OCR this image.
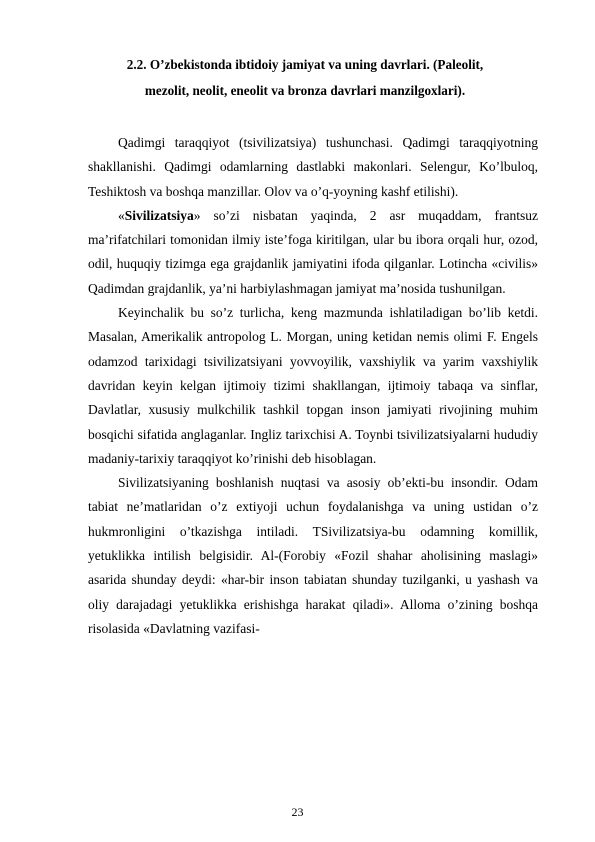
2.2. O’zbekistonda ibtidoiy jamiyat va uning davrlari. (Paleolit,
mezolit, neolit, eneolit va bronza davrlari manzilgoxlari).

Qadimgi taraqqiyot (tsivilizatsiya) tushunchasi. Qadimgi taraqqiyotning shakllanishi. Qadimgi odamlarning dastlabki makonlari. Selengur, Ko’lbuloq, Teshiktosh va boshqa manzillar. Olov va o’q-yoyning kashf etilishi).

«Sivilizatsiya» so’zi nisbatan yaqinda, 2 asr muqaddam, frantsuz ma’rifatchilari tomonidan ilmiy iste’foga kiritilgan, ular bu ibora orqali hur, ozod, odil, huquqiy tizimga ega grajdanlik jamiyatini ifoda qilganlar. Lotincha «civilis» Qadimdan grajdanlik, ya’ni harbiylashmagan jamiyat ma’nosida tushunilgan.

Keyinchalik bu so’z turlicha, keng mazmunda ishlatiladigan bo’lib ketdi. Masalan, Amerikalik antropolog L. Morgan, uning ketidan nemis olimi F. Engels odamzod tarixidagi tsivilizatsiyani yovvoyilik, vaxshiylik va yarim vaxshiylik davridan keyin kelgan ijtimoiy tizimi shakllangan, ijtimoiy tabaqa va sinflar, Davlatlar, xususiy mulkchilik tashkil topgan inson jamiyati rivojining muhim bosqichi sifatida anglaganlar. Ingliz tarixchisi A. Toynbi tsivilizatsiyalarni hududiy madaniy-tarixiy taraqqiyot ko’rinishi deb hisoblagan.

Sivilizatsiyaning boshlanish nuqtasi va asosiy ob’ekti-bu insondir. Odam tabiat ne’matlaridan o’z extiyoji uchun foydalanishga va uning ustidan o’z hukmronligini o’tkazishga intiladi. TSivilizatsiya-bu odamning komillik, yetuklikka intilish belgisidir. Al-(Forobiy «Fozil shahar aholisining maslagi» asarida shunday deydi: «har-bir inson tabiatan shunday tuzilganki, u yashash va oliy darajadagi yetuklikka erishishga harakat qiladi». Alloma o’zining boshqa risolasida «Davlatning vazifasi-

23
